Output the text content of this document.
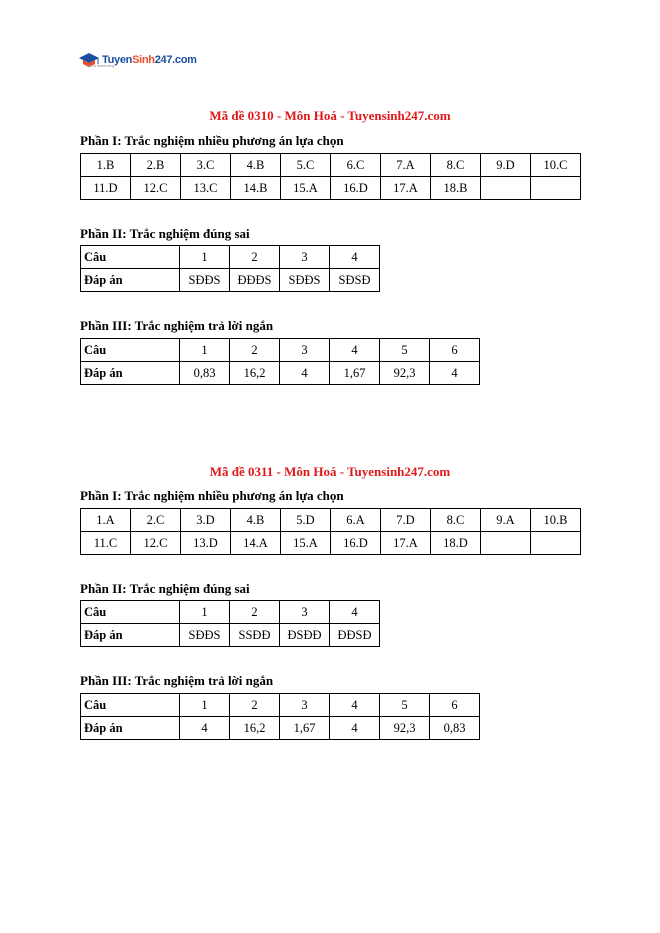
TuyenSinh247.com
Học là thành công
Mã đề 0310 - Môn Hoá - Tuyensinh247.com
Phần I: Trắc nghiệm nhiều phương án lựa chọn
1.B	2.B	3.C	4.B	5.C	6.C	7.A	8.C	9.D	10.C
11.D	12.C	13.C	14.B	15.A	16.D	17.A	18.B		
Phần II: Trắc nghiệm đúng sai
Câu	1	2	3	4
Đáp án	SĐĐS	ĐĐĐS	SĐĐS	SĐSĐ
Phần III: Trắc nghiệm trả lời ngắn
Câu	1	2	3	4	5	6
Đáp án	0,83	16,2	4	1,67	92,3	4
Mã đề 0311 - Môn Hoá - Tuyensinh247.com
Phần I: Trắc nghiệm nhiều phương án lựa chọn
1.A	2.C	3.D	4.B	5.D	6.A	7.D	8.C	9.A	10.B
11.C	12.C	13.D	14.A	15.A	16.D	17.A	18.D		
Phần II: Trắc nghiệm đúng sai
Câu	1	2	3	4
Đáp án	SĐĐS	SSĐĐ	ĐSĐĐ	ĐĐSĐ
Phần III: Trắc nghiệm trả lời ngắn
Câu	1	2	3	4	5	6
Đáp án	4	16,2	1,67	4	92,3	0,83
